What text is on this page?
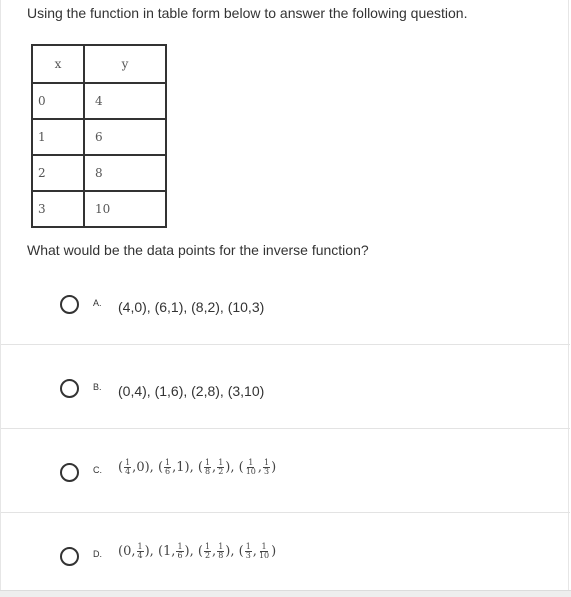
Using the function in table form below to answer the following question.
x	y
0	4
1	6
2	8
3	10
What would be the data points for the inverse function?
A. (4,0), (6,1), (8,2), (10,3)
B. (0,4), (1,6), (2,8), (3,10)
C. ( $\frac{1}{4}$ , 0 ) , ( $\frac{1}{6}$ , 1 ) , ( $\frac{1}{8}$ , $\frac{1}{2}$ ) , ( $\frac{1}{10}$ , $\frac{1}{3}$ )
D. ( 0 , $\frac{1}{4}$ ) , ( 1 , $\frac{1}{6}$ ) , ( $\frac{1}{2}$ , $\frac{1}{8}$ ) , ( $\frac{1}{3}$ , $\frac{1}{10}$ )
